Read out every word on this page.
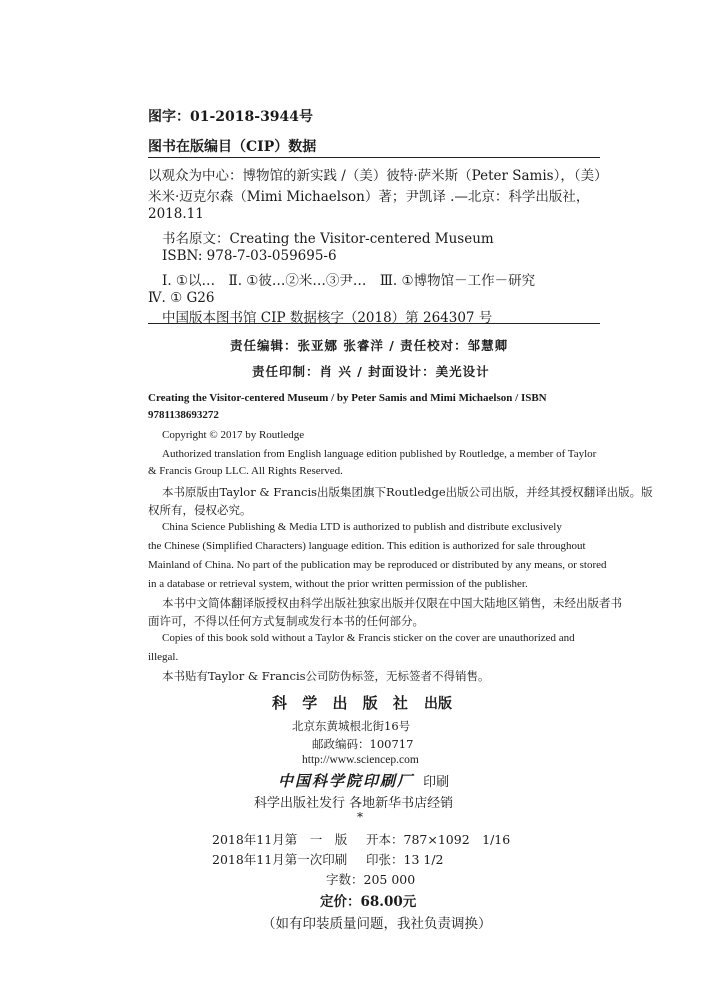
图字：01-2018-3944号
图书在版编目（CIP）数据
以观众为中心：博物馆的新实践 /（美）彼特·萨米斯（Peter Samis），（美）
米米·迈克尔森（Mimi Michaelson）著；尹凯译 .—北京：科学出版社，
2018.11
书名原文：Creating the Visitor-centered Museum
ISBN: 978-7-03-059695-6
Ⅰ. ①以…　Ⅱ. ①彼…②米…③尹…　Ⅲ. ①博物馆－工作－研究
Ⅳ. ① G26
中国版本图书馆 CIP 数据核字（2018）第 264307 号
责任编辑：张亚娜 张睿洋 / 责任校对：邹慧卿
责任印制：肖 兴 / 封面设计：美光设计
Creating the Visitor-centered Museum / by Peter Samis and Mimi Michaelson / ISBN
9781138693272
Copyright © 2017 by Routledge
Authorized translation from English language edition published by Routledge, a member of Taylor
& Francis Group LLC. All Rights Reserved.
本书原版由Taylor & Francis出版集团旗下Routledge出版公司出版，并经其授权翻译出版。版
权所有，侵权必究。
China Science Publishing & Media LTD is authorized to publish and distribute exclusively
the Chinese (Simplified Characters) language edition. This edition is authorized for sale throughout
Mainland of China. No part of the publication may be reproduced or distributed by any means, or stored
in a database or retrieval system, without the prior written permission of the publisher.
本书中文简体翻译版授权由科学出版社独家出版并仅限在中国大陆地区销售，未经出版者书
面许可，不得以任何方式复制或发行本书的任何部分。
Copies of this book sold without a Taylor & Francis sticker on the cover are unauthorized and
illegal.
本书贴有Taylor & Francis公司防伪标签，无标签者不得销售。
科 学 出 版 社 出版
北京东黄城根北街16号
邮政编码：100717
http://www.sciencep.com
中国科学院印刷厂 印刷
科学出版社发行 各地新华书店经销
*
2018年11月第　一　版 开本：787×1092　1/16
2018年11月第一次印刷 印张：13 1/2
字数：205 000
定价：68.00元
（如有印装质量问题，我社负责调换）
